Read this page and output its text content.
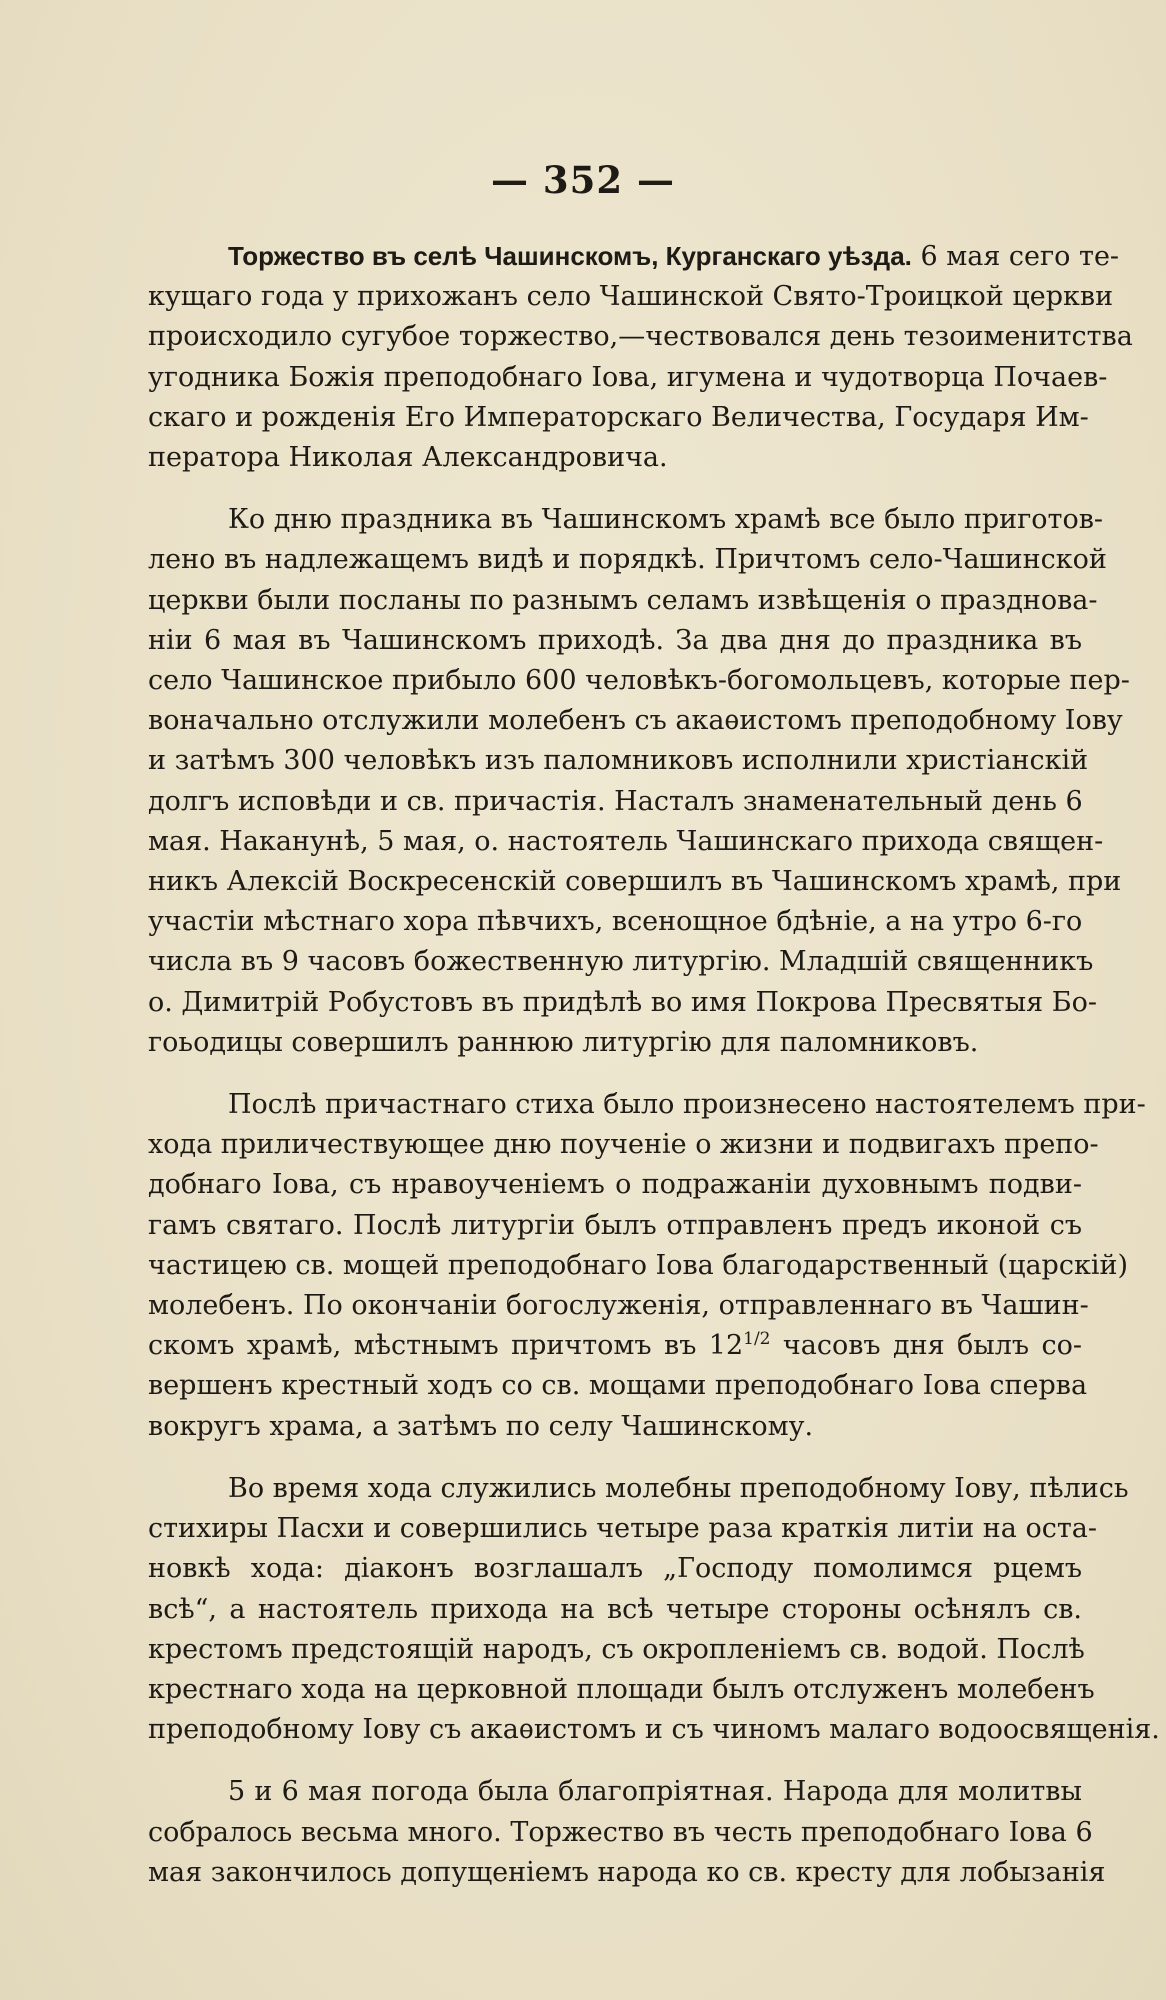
— 352 —
Торжество въ селѣ Чашинскомъ, Курганскаго уѣзда. 6 мая сего те-
кущаго года у прихожанъ село Чашинской Свято-Троицкой церкви
происходило сугубое торжество,—чествовался день тезоименитства
угодника Божія преподобнаго Іова, игумена и чудотворца Почаев-
скаго и рожденія Его Императорскаго Величества, Государя Им-
ператора Николая Александровича.
Ко дню праздника въ Чашинскомъ храмѣ все было приготов-
лено въ надлежащемъ видѣ и порядкѣ. Причтомъ село-Чашинской
церкви были посланы по разнымъ селамъ извѣщенія о праздновa-
ніи 6 мая въ Чашинскомъ приходѣ. За два дня до праздника въ
село Чашинское прибыло 600 человѣкъ-богомольцевъ, которые пер-
воначально отслужили молебенъ съ акаѳистомъ преподобному Іову
и затѣмъ 300 человѣкъ изъ паломниковъ исполнили христіанскій
долгъ исповѣди и св. причастія. Насталъ знаменательный день 6
мая. Наканунѣ, 5 мая, о. настоятель Чашинскаго прихода священ-
никъ Алексій Воскресенскій совершилъ въ Чашинскомъ храмѣ, при
участіи мѣстнаго хора пѣвчихъ, всенощное бдѣніе, а на утро 6-го
числа въ 9 часовъ божественную литургію. Младшій священникъ
о. Димитрій Робустовъ въ придѣлѣ во имя Покрова Пресвятыя Бо-
гоьодицы совершилъ раннюю литургію для паломниковъ.
Послѣ причастнаго стиха было произнесено настоятелемъ при-
хода приличествующее дню поученіе о жизни и подвигахъ препо-
добнаго Іова, съ нравоученіемъ о подражаніи духовнымъ подви-
гамъ святаго. Послѣ литургіи былъ отправленъ предъ иконой съ
частицею св. мощей преподобнаго Іова благодарственный (царскій)
молебенъ. По окончаніи богослуженія, отправленнаго въ Чашин-
скомъ храмѣ, мѣстнымъ причтомъ въ $12^{1/2}$ часовъ дня былъ со-
вершенъ крестный ходъ со св. мощами преподобнаго Іова сперва
вокругъ храма, а затѣмъ по селу Чашинскому.
Во время хода служились молебны преподобному Іову, пѣлись
стихиры Пасхи и совершились четыре раза краткія литіи на оста-
новкѣ хода: діаконъ возглашалъ „Господу помолимся рцемъ
всѣ“, а настоятель прихода на всѣ четыре стороны осѣнялъ св.
крестомъ предстоящій народъ, съ окропленіемъ св. водой. Послѣ
крестнаго хода на церковной площади былъ отслуженъ молебенъ
преподобному Іову съ акаѳистомъ и съ чиномъ малаго водоосвященія.
5 и 6 мая погода была благопріятная. Народа для молитвы
собралось весьма много. Торжество въ честь преподобнаго Іова 6
мая закончилось допущеніемъ народа ко св. кресту для лобызанія
